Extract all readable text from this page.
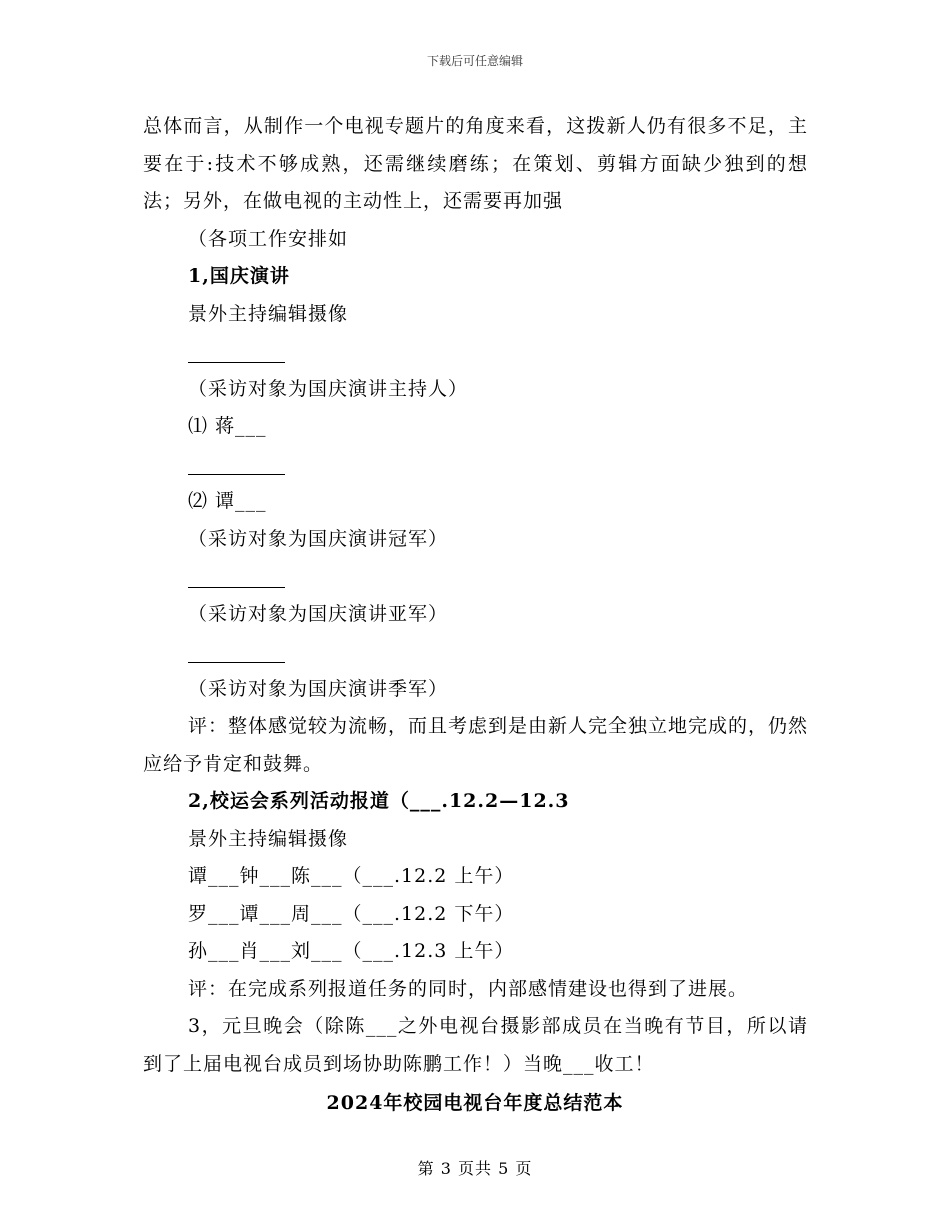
下载后可任意编辑

总体而言，从制作一个电视专题片的角度来看，这拨新人仍有很多不足，主要在于:技术不够成熟，还需继续磨练；在策划、剪辑方面缺少独到的想法；另外，在做电视的主动性上，还需要再加强

（各项工作安排如

1,国庆演讲

景外主持编辑摄像

（采访对象为国庆演讲主持人）

⑴ 蒋___

⑵ 谭___

（采访对象为国庆演讲冠军）

（采访对象为国庆演讲亚军）

（采访对象为国庆演讲季军）

评：整体感觉较为流畅，而且考虑到是由新人完全独立地完成的，仍然应给予肯定和鼓舞。

2,校运会系列活动报道（___.12.2—12.3

景外主持编辑摄像

谭___钟___陈___（___.12.2 上午）

罗___谭___周___（___.12.2 下午）

孙___肖___刘___（___.12.3 上午）

评：在完成系列报道任务的同时，内部感情建设也得到了进展。

3，元旦晚会（除陈___之外电视台摄影部成员在当晚有节目，所以请到了上届电视台成员到场协助陈鹏工作！）当晚___收工！

2024年校园电视台年度总结范本
第 3 页共 5 页
